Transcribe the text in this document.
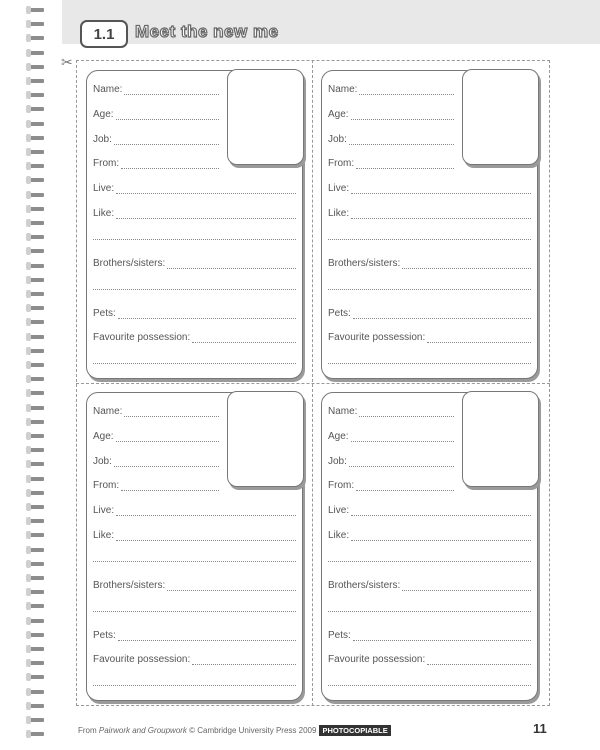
1.1	Meet the new me
✂
Name:
Age:
Job:
From:
Live:
Like:
Brothers/sisters:
Pets:
Favourite possession:
Name:
Age:
Job:
From:
Live:
Like:
Brothers/sisters:
Pets:
Favourite possession:
Name:
Age:
Job:
From:
Live:
Like:
Brothers/sisters:
Pets:
Favourite possession:
Name:
Age:
Job:
From:
Live:
Like:
Brothers/sisters:
Pets:
Favourite possession:
From Pairwork and Groupwork © Cambridge University Press 2009 PHOTOCOPIABLE	11
